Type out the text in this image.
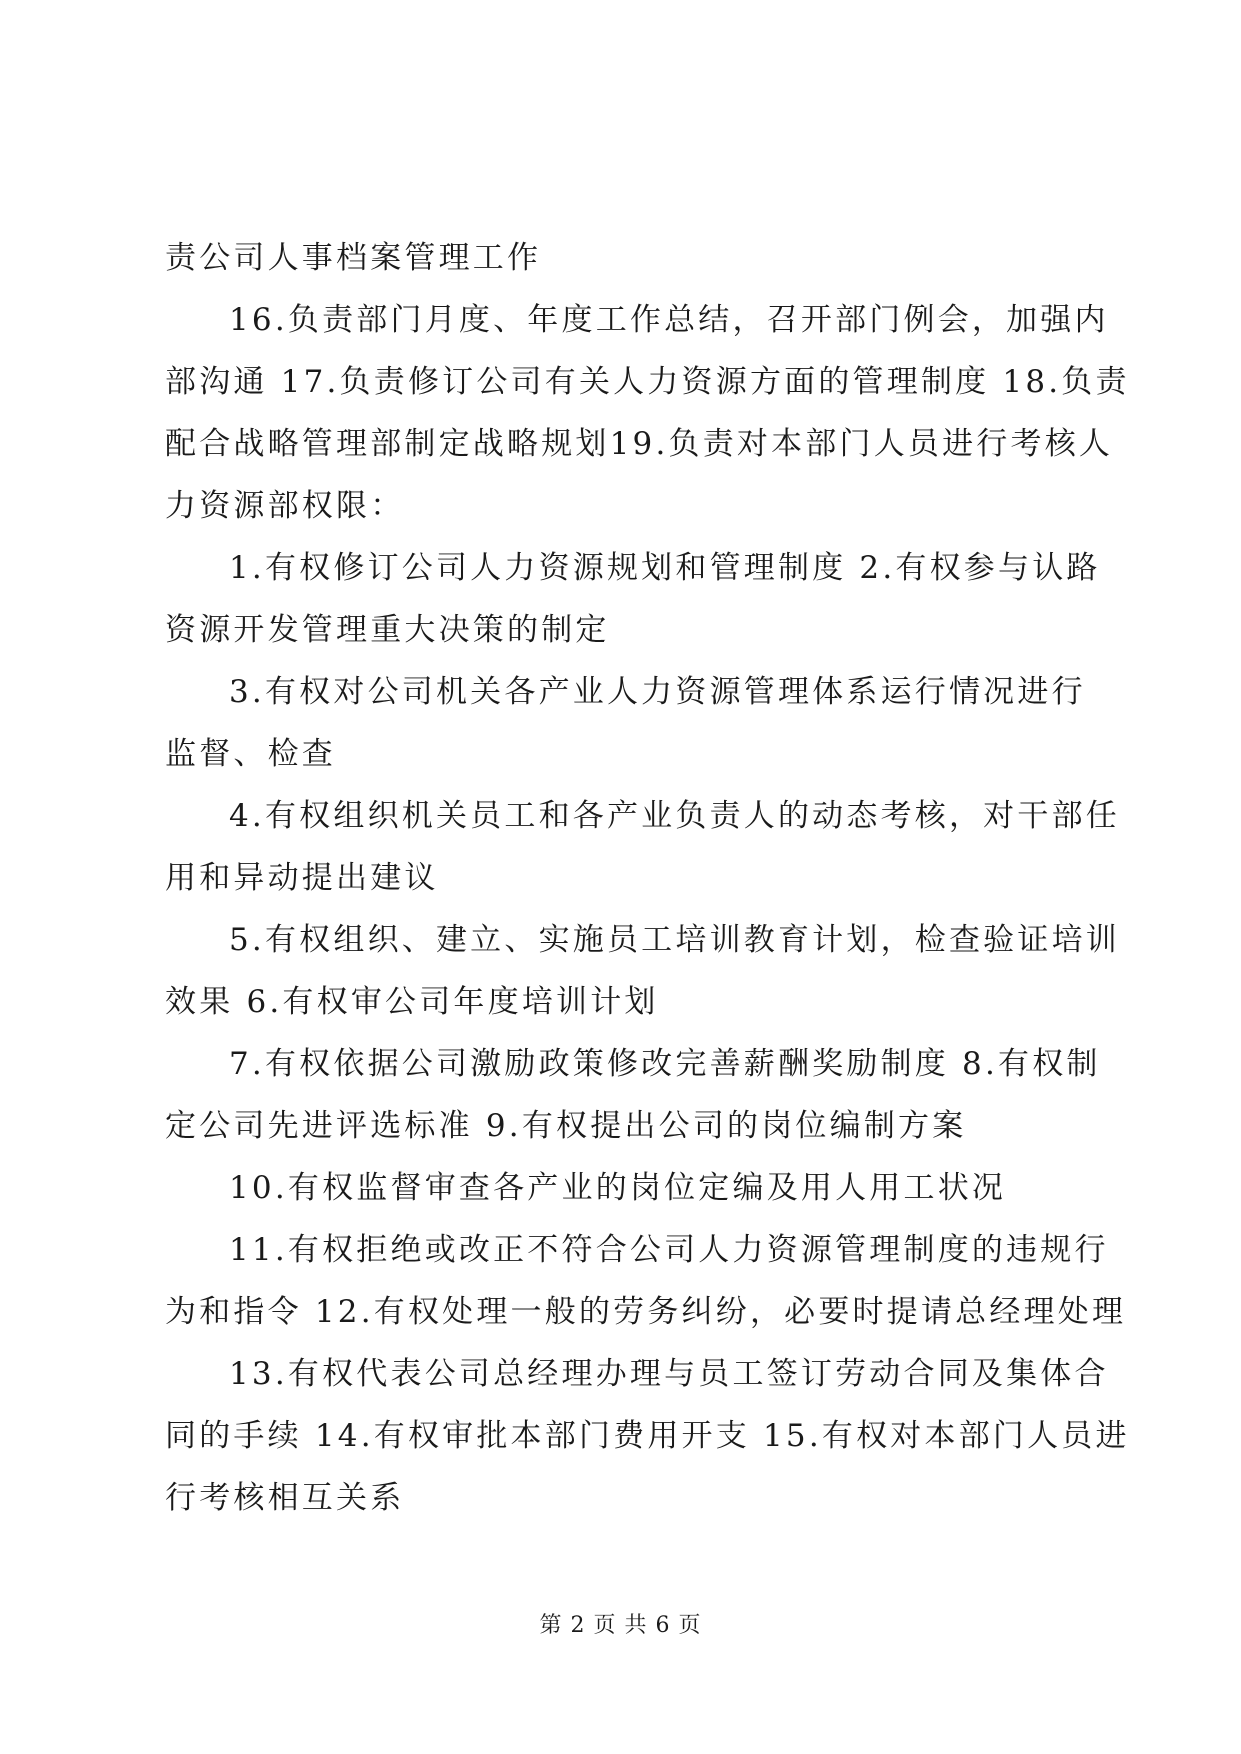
责公司人事档案管理工作
16.负责部门月度、年度工作总结，召开部门例会，加强内
部沟通 17.负责修订公司有关人力资源方面的管理制度 18.负责
配合战略管理部制定战略规划19.负责对本部门人员进行考核人
力资源部权限：
1.有权修订公司人力资源规划和管理制度 2.有权参与认路
资源开发管理重大决策的制定
3.有权对公司机关各产业人力资源管理体系运行情况进行
监督、检查
4.有权组织机关员工和各产业负责人的动态考核，对干部任
用和异动提出建议
5.有权组织、建立、实施员工培训教育计划，检查验证培训
效果 6.有权审公司年度培训计划
7.有权依据公司激励政策修改完善薪酬奖励制度 8.有权制
定公司先进评选标准 9.有权提出公司的岗位编制方案
10.有权监督审查各产业的岗位定编及用人用工状况
11.有权拒绝或改正不符合公司人力资源管理制度的违规行
为和指令 12.有权处理一般的劳务纠纷，必要时提请总经理处理
13.有权代表公司总经理办理与员工签订劳动合同及集体合
同的手续 14.有权审批本部门费用开支 15.有权对本部门人员进
行考核相互关系
第 2 页 共 6 页
